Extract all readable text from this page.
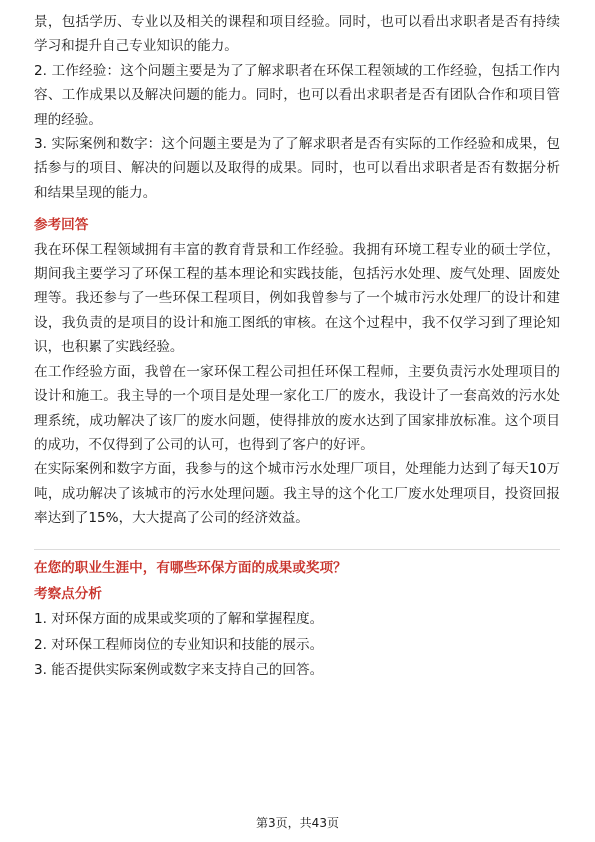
景，包括学历、专业以及相关的课程和项目经验。同时，也可以看出求职者是否有持续学习和提升自己专业知识的能力。

2. 工作经验：这个问题主要是为了了解求职者在环保工程领域的工作经验，包括工作内容、工作成果以及解决问题的能力。同时，也可以看出求职者是否有团队合作和项目管理的经验。

3. 实际案例和数字：这个问题主要是为了了解求职者是否有实际的工作经验和成果，包括参与的项目、解决的问题以及取得的成果。同时，也可以看出求职者是否有数据分析和结果呈现的能力。

参考回答

我在环保工程领域拥有丰富的教育背景和工作经验。我拥有环境工程专业的硕士学位，期间我主要学习了环保工程的基本理论和实践技能，包括污水处理、废气处理、固废处理等。我还参与了一些环保工程项目，例如我曾参与了一个城市污水处理厂的设计和建设，我负责的是项目的设计和施工图纸的审核。在这个过程中，我不仅学习到了理论知识，也积累了实践经验。

在工作经验方面，我曾在一家环保工程公司担任环保工程师，主要负责污水处理项目的设计和施工。我主导的一个项目是处理一家化工厂的废水，我设计了一套高效的污水处理系统，成功解决了该厂的废水问题，使得排放的废水达到了国家排放标准。这个项目的成功，不仅得到了公司的认可，也得到了客户的好评。

在实际案例和数字方面，我参与的这个城市污水处理厂项目，处理能力达到了每天10万吨，成功解决了该城市的污水处理问题。我主导的这个化工厂废水处理项目，投资回报率达到了15%，大大提高了公司的经济效益。

在您的职业生涯中，有哪些环保方面的成果或奖项？

考察点分析

1. 对环保方面的成果或奖项的了解和掌握程度。

2. 对环保工程师岗位的专业知识和技能的展示。

3. 能否提供实际案例或数字来支持自己的回答。

第3页，共43页
